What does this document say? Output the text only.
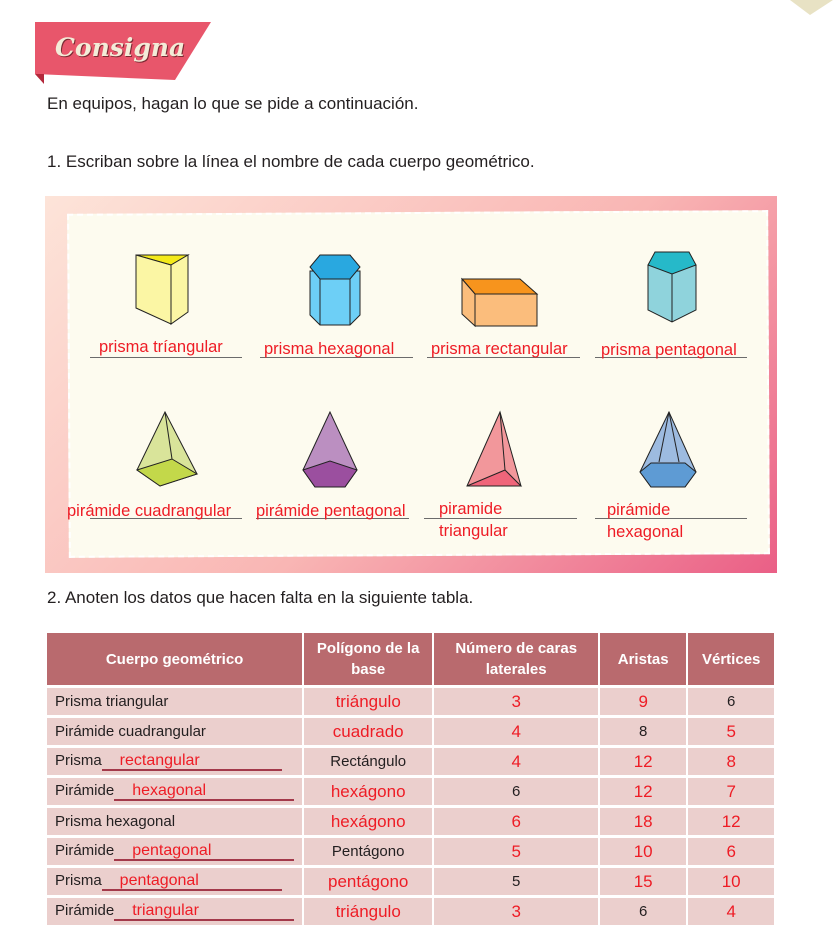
Consigna
En equipos, hagan lo que se pide a continuación.
1. Escriban sobre la línea el nombre de cada cuerpo geométrico.
prisma tríangular prisma hexagonal prisma rectangular prisma pentagonal
pirámide cuadrangular pirámide pentagonal piramide
triangular
pirámide
hexagonal
2. Anoten los datos que hacen falta en la siguiente tabla.
Cuerpo geométrico	Polígono de la base	Número de caras laterales	Aristas	Vértices
Prisma triangular	triángulo	3	9	6
Pirámide cuadrangular	cuadrado	4	8	5
Prisma rectangular	Rectángulo	4	12	8
Pirámide hexagonal	hexágono	6	12	7
Prisma hexagonal	hexágono	6	18	12
Pirámide pentagonal	Pentágono	5	10	6
Prisma pentagonal	pentágono	5	15	10
Pirámide triangular	triángulo	3	6	4
